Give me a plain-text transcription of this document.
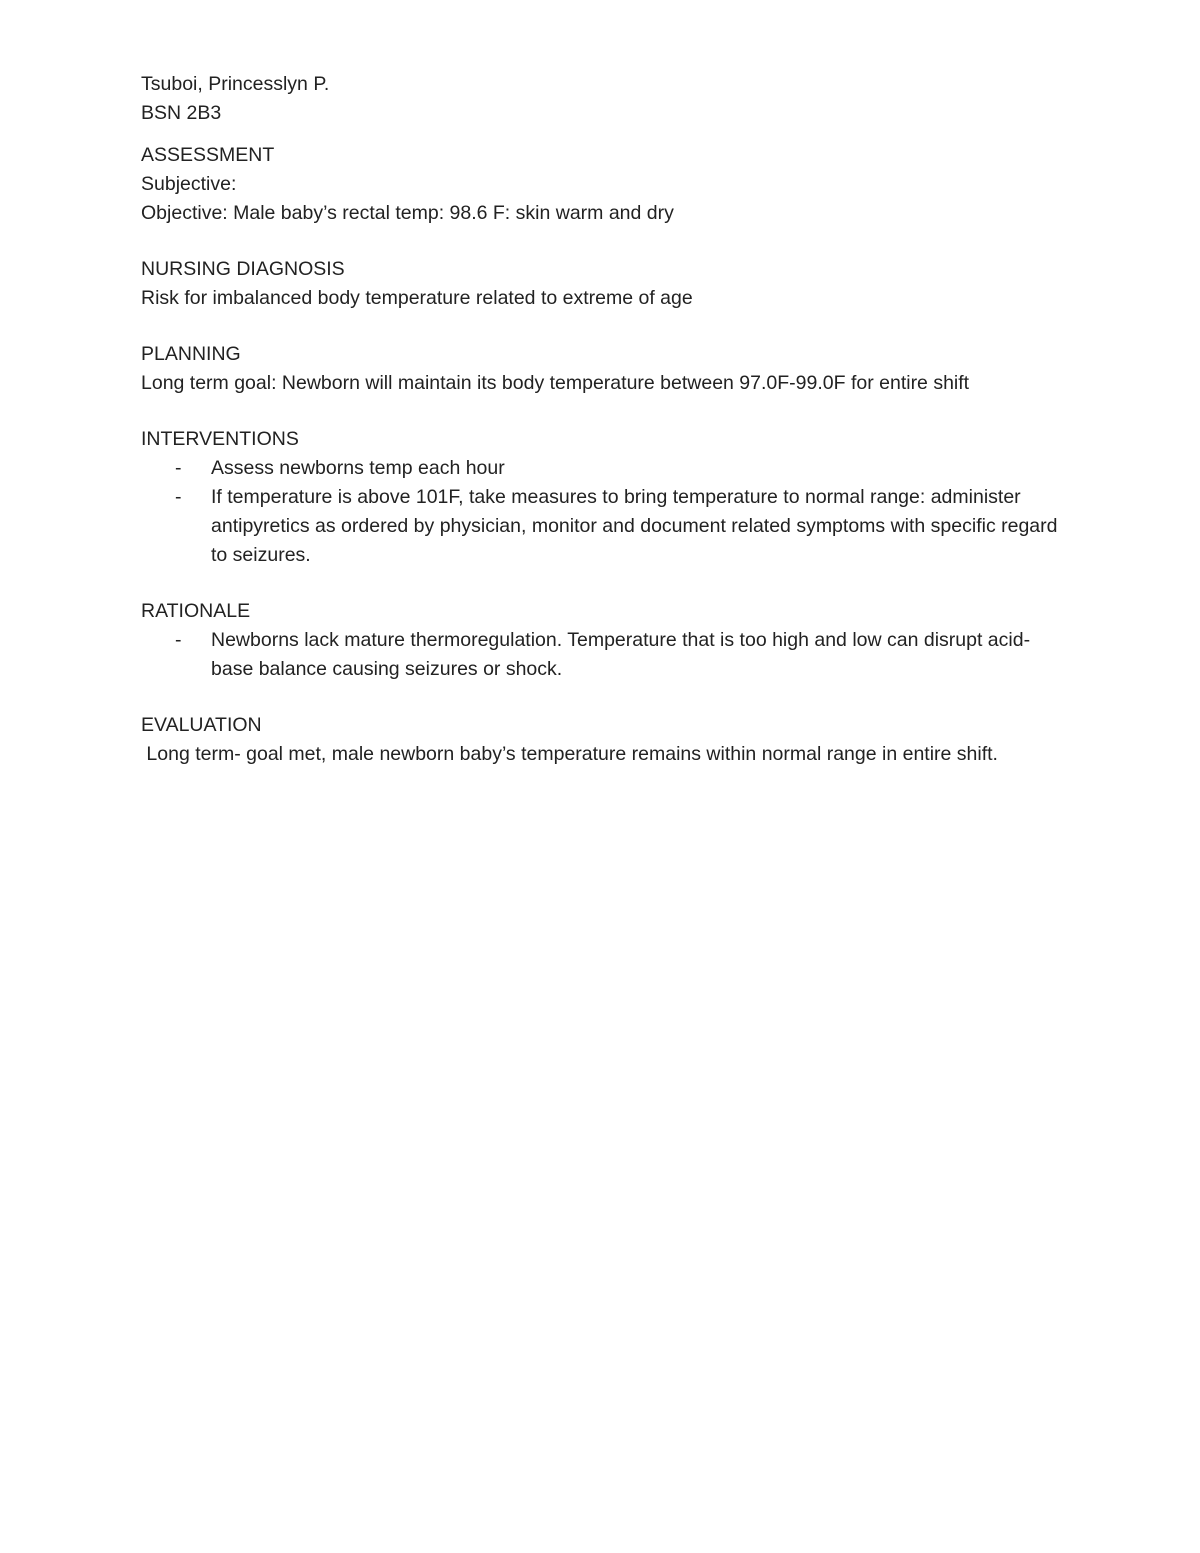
Tsuboi, Princesslyn P.

BSN 2B3

ASSESSMENT

Subjective:

Objective: Male baby’s rectal temp: 98.6 F: skin warm and dry

NURSING DIAGNOSIS

Risk for imbalanced body temperature related to extreme of age

PLANNING

Long term goal: Newborn will maintain its body temperature between 97.0F-99.0F for entire shift

INTERVENTIONS

- Assess newborns temp each hour
- If temperature is above 101F, take measures to bring temperature to normal range: administer antipyretics as ordered by physician, monitor and document related symptoms with specific regard to seizures.

RATIONALE

- Newborns lack mature thermoregulation. Temperature that is too high and low can disrupt acid-base balance causing seizures or shock.

EVALUATION

Long term- goal met, male newborn baby’s temperature remains within normal range in entire shift.
